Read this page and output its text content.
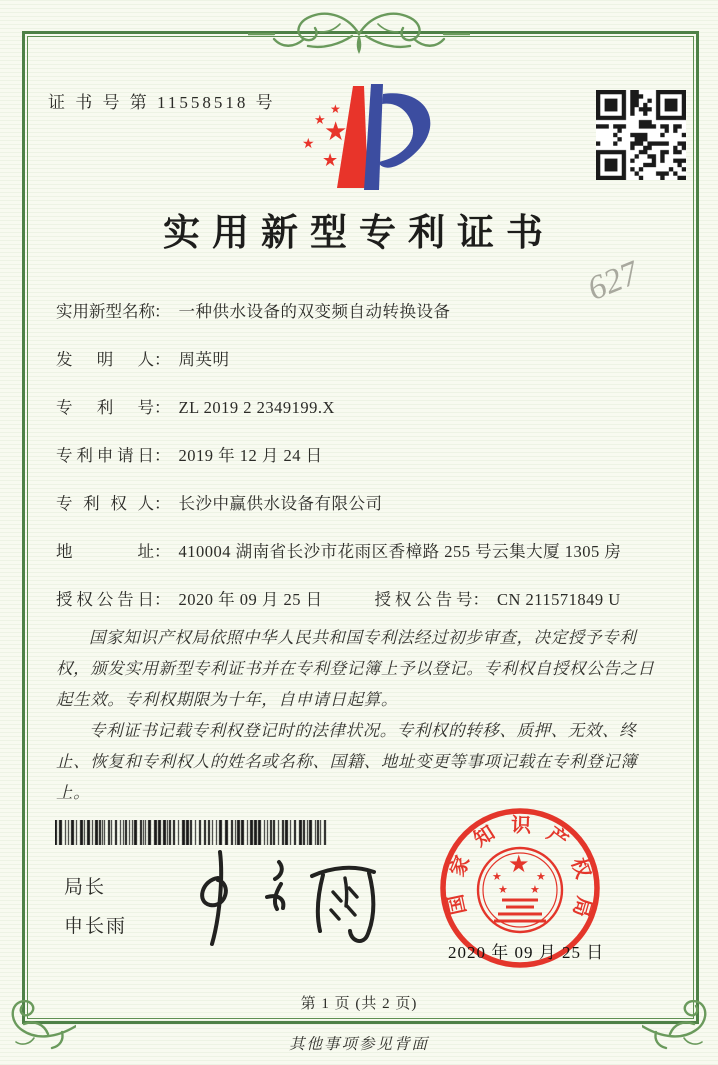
证 书 号 第 11558518 号	★
★
★ ★
★
实用新型专利证书
627
实用新型名称： 一种供水设备的双变频自动转换设备
发明人： 周英明
专利号： ZL 2019 2 2349199.X
专利申请日： 2019 年 12 月 24 日
专利权人： 长沙中赢供水设备有限公司
地址： 410004 湖南省长沙市花雨区香樟路 255 号云集大厦 1305 房
授权公告日： 2020 年 09 月 25 日	授权公告号： CN 211571849 U

国家知识产权局依照中华人民共和国专利法经过初步审查，决定授予专利权，颁发实用新型专利证书并在专利登记簿上予以登记。专利权自授权公告之日起生效。专利权期限为十年，自申请日起算。

专利证书记载专利权登记时的法律状况。专利权的转移、质押、无效、终止、恢复和专利权人的姓名或名称、国籍、地址变更等事项记载在专利登记簿上。

局长
申长雨
国家知识产权局
★
★	★
★ ★
2020 年 09 月 25 日
第 1 页 (共 2 页)
其他事项参见背面
